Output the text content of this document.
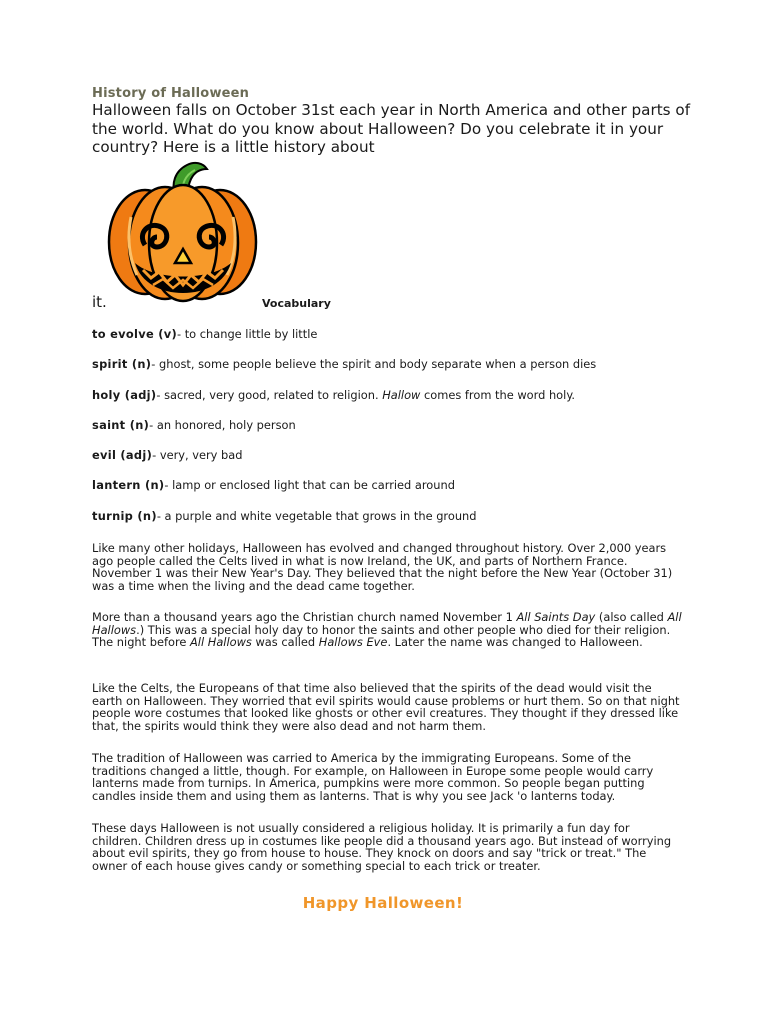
History of Halloween
Halloween falls on October 31st each year in North America and other parts of the world. What do you know about Halloween? Do you celebrate it in your country? Here is a little history about
it.	Vocabulary
to evolve (v)- to change little by little
spirit (n)- ghost, some people believe the spirit and body separate when a person dies
holy (adj)- sacred, very good, related to religion. Hallow comes from the word holy.
saint (n)- an honored, holy person
evil (adj)- very, very bad
lantern (n)- lamp or enclosed light that can be carried around
turnip (n)- a purple and white vegetable that grows in the ground

Like many other holidays, Halloween has evolved and changed throughout history. Over 2,000 years ago people called the Celts lived in what is now Ireland, the UK, and parts of Northern France. November 1 was their New Year's Day. They believed that the night before the New Year (October 31) was a time when the living and the dead came together.

More than a thousand years ago the Christian church named November 1 All Saints Day (also called All Hallows.) This was a special holy day to honor the saints and other people who died for their religion. The night before All Hallows was called Hallows Eve. Later the name was changed to Halloween.

Like the Celts, the Europeans of that time also believed that the spirits of the dead would visit the earth on Halloween. They worried that evil spirits would cause problems or hurt them. So on that night people wore costumes that looked like ghosts or other evil creatures. They thought if they dressed like that, the spirits would think they were also dead and not harm them.

The tradition of Halloween was carried to America by the immigrating Europeans. Some of the traditions changed a little, though. For example, on Halloween in Europe some people would carry lanterns made from turnips. In America, pumpkins were more common. So people began putting candles inside them and using them as lanterns. That is why you see Jack 'o lanterns today.

These days Halloween is not usually considered a religious holiday. It is primarily a fun day for children. Children dress up in costumes like people did a thousand years ago. But instead of worrying about evil spirits, they go from house to house. They knock on doors and say "trick or treat." The owner of each house gives candy or something special to each trick or treater.

Happy Halloween!
